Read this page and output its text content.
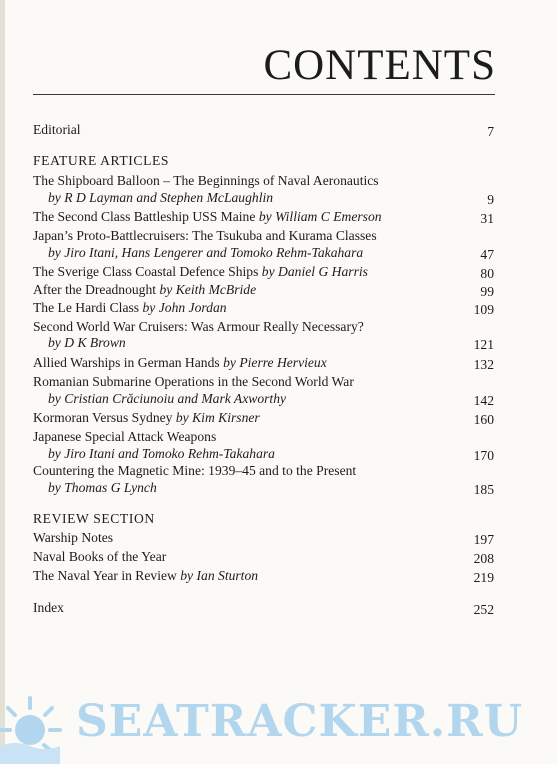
CONTENTS
Editorial	7
FEATURE ARTICLES
The Shipboard Balloon – The Beginnings of Naval Aeronautics
by R D Layman and Stephen McLaughlin	9
The Second Class Battleship USS Maine by William C Emerson	31
Japan’s Proto-Battlecruisers: The Tsukuba and Kurama Classes
by Jiro Itani, Hans Lengerer and Tomoko Rehm-Takahara	47
The Sverige Class Coastal Defence Ships by Daniel G Harris	80
After the Dreadnought by Keith McBride	99
The Le Hardi Class by John Jordan	109
Second World War Cruisers: Was Armour Really Necessary?
by D K Brown	121
Allied Warships in German Hands by Pierre Hervieux	132
Romanian Submarine Operations in the Second World War
by Cristian Crăciunoiu and Mark Axworthy	142
Kormoran Versus Sydney by Kim Kirsner	160
Japanese Special Attack Weapons
by Jiro Itani and Tomoko Rehm-Takahara	170
Countering the Magnetic Mine: 1939–45 and to the Present
by Thomas G Lynch	185
REVIEW SECTION
Warship Notes	197
Naval Books of the Year	208
The Naval Year in Review by Ian Sturton	219
Index	252
SEATRACKER.RU
